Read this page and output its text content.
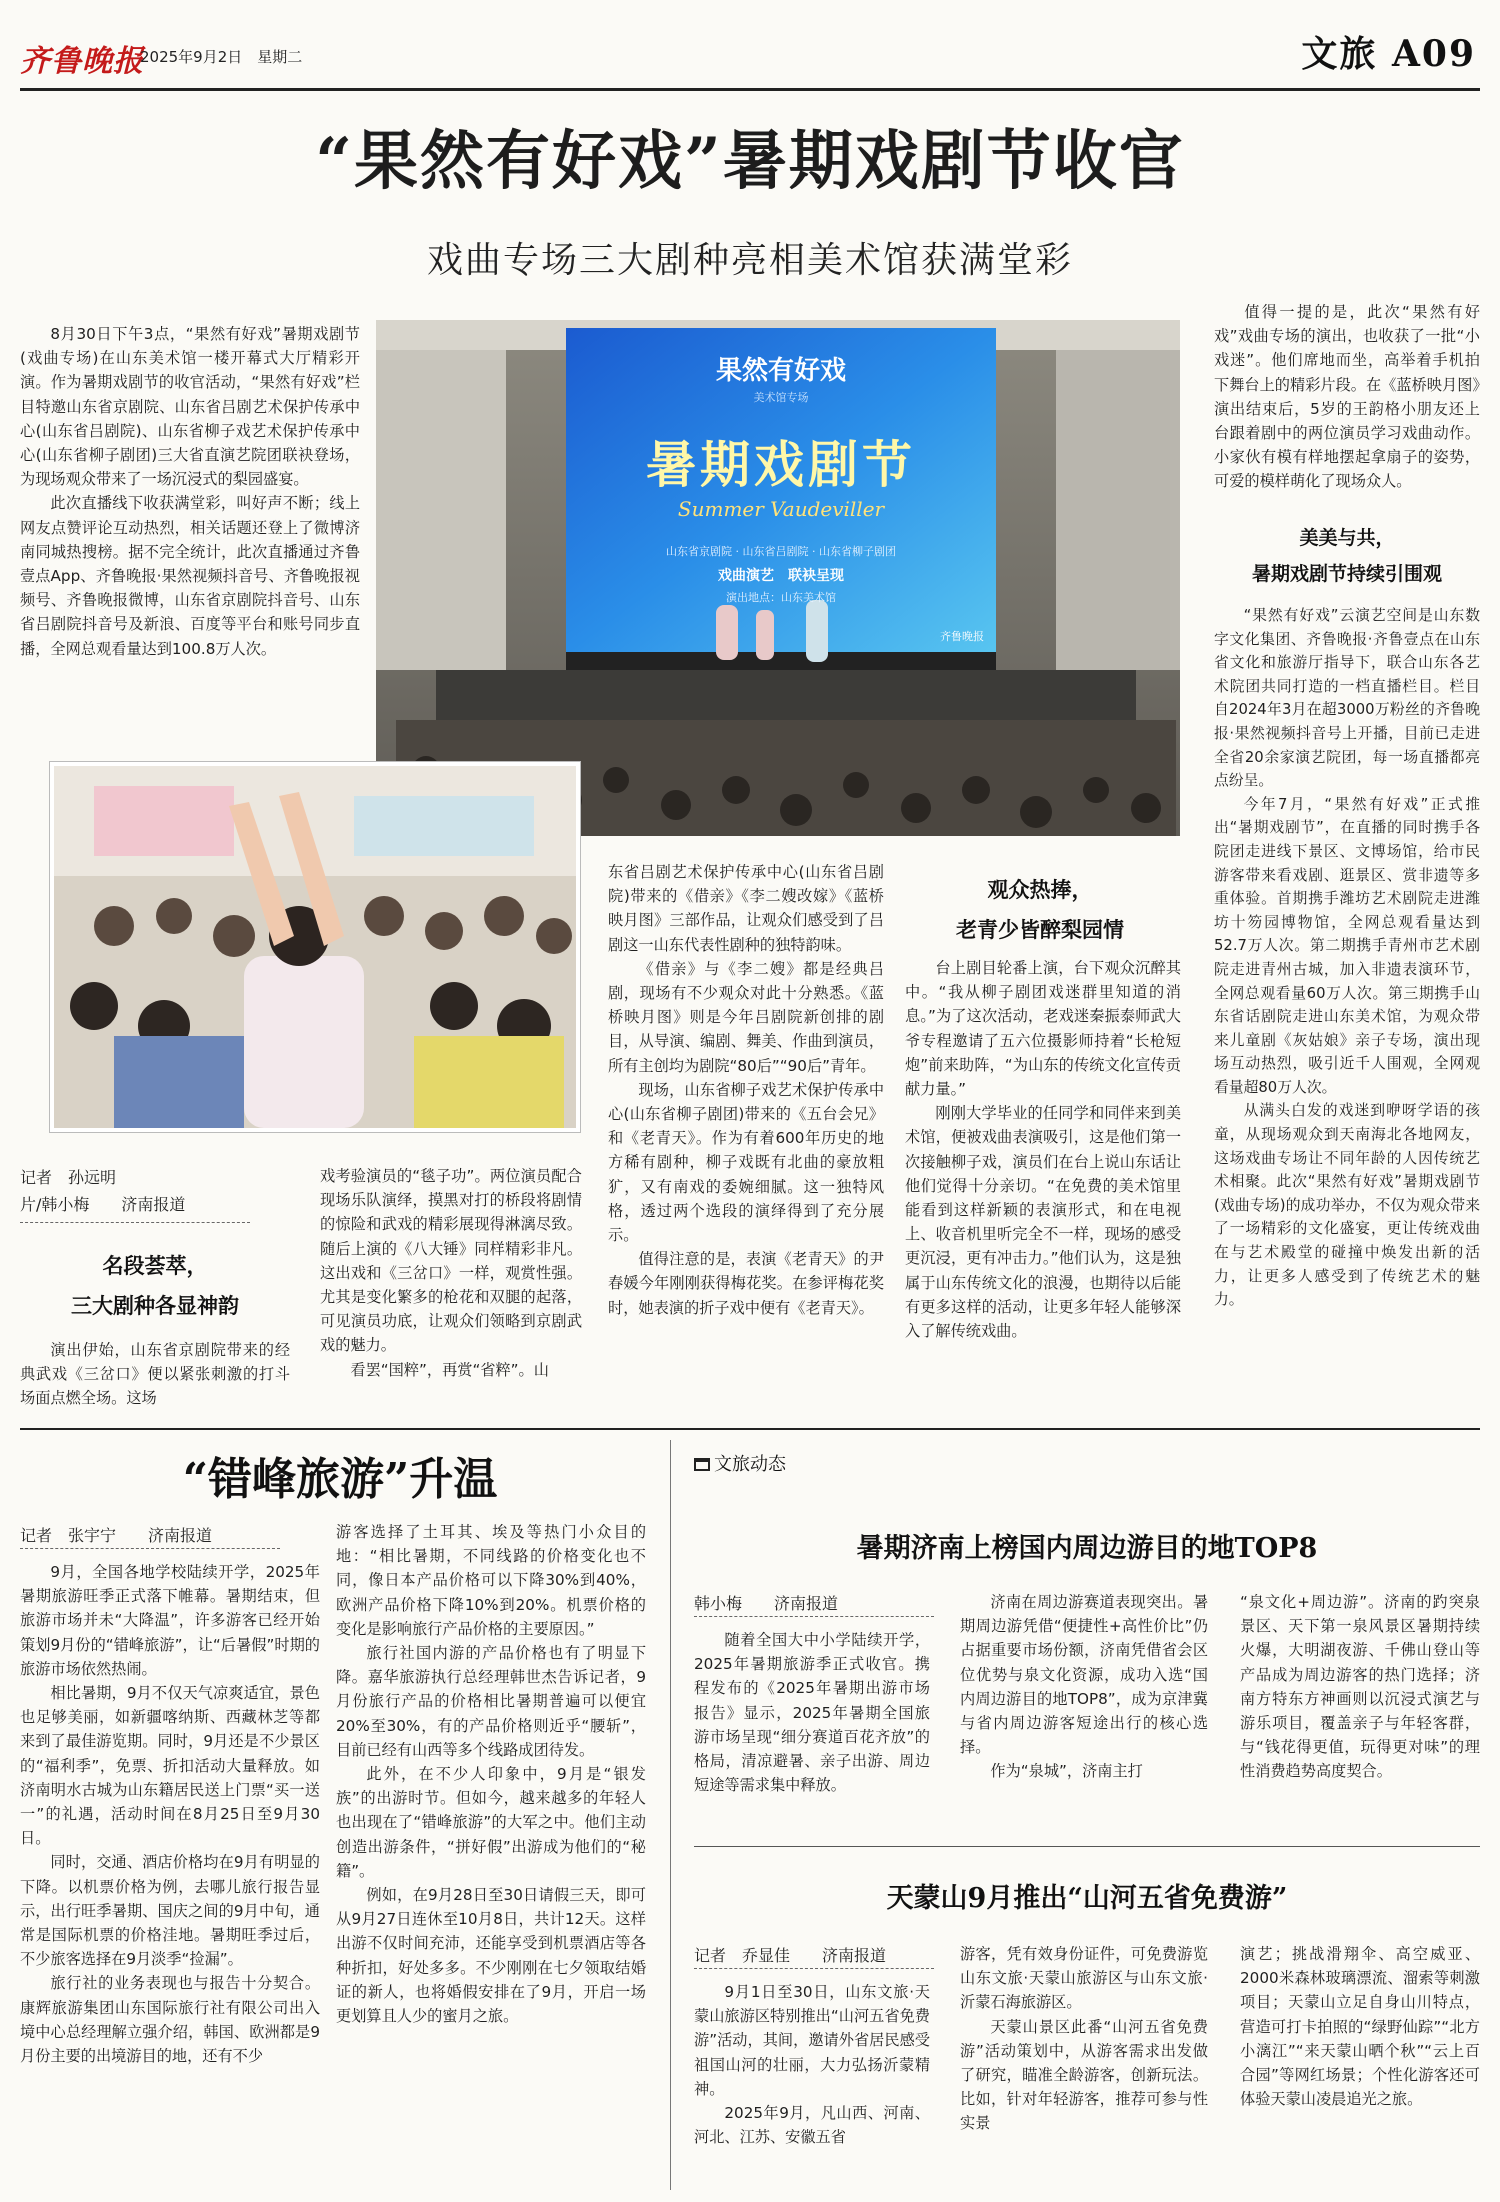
齐鲁晚报
2025年9月2日　星期二	文旅 A09
“果然有好戏”暑期戏剧节收官
戏曲专场三大剧种亮相美术馆获满堂彩

8月30日下午3点，“果然有好戏”暑期戏剧节(戏曲专场)在山东美术馆一楼开幕式大厅精彩开演。作为暑期戏剧节的收官活动，“果然有好戏”栏目特邀山东省京剧院、山东省吕剧艺术保护传承中心(山东省吕剧院)、山东省柳子戏艺术保护传承中心(山东省柳子剧团)三大省直演艺院团联袂登场，为现场观众带来了一场沉浸式的梨园盛宴。

此次直播线下收获满堂彩，叫好声不断；线上网友点赞评论互动热烈，相关话题还登上了微博济南同城热搜榜。据不完全统计，此次直播通过齐鲁壹点App、齐鲁晚报·果然视频抖音号、齐鲁晚报视频号、齐鲁晚报微博，山东省京剧院抖音号、山东省吕剧院抖音号及新浪、百度等平台和账号同步直播，全网总观看量达到100.8万人次。

果然有好戏
美术馆专场
暑期戏剧节
Summer Vaudeviller
山东省京剧院 · 山东省吕剧院 · 山东省柳子剧团
戏曲演艺　联袂呈现
演出地点：山东美术馆
齐鲁晚报
记者　孙远明
片/韩小梅　　济南报道
名段荟萃，
三大剧种各显神韵

演出伊始，山东省京剧院带来的经典武戏《三岔口》便以紧张刺激的打斗场面点燃全场。这场

戏考验演员的“毯子功”。两位演员配合现场乐队演绎，摸黑对打的桥段将剧情的惊险和武戏的精彩展现得淋漓尽致。随后上演的《八大锤》同样精彩非凡。这出戏和《三岔口》一样，观赏性强。尤其是变化繁多的枪花和双腿的起落，可见演员功底，让观众们领略到京剧武戏的魅力。

看罢“国粹”，再赏“省粹”。山

东省吕剧艺术保护传承中心(山东省吕剧院)带来的《借亲》《李二嫂改嫁》《蓝桥映月图》三部作品，让观众们感受到了吕剧这一山东代表性剧种的独特韵味。

《借亲》与《李二嫂》都是经典吕剧，现场有不少观众对此十分熟悉。《蓝桥映月图》则是今年吕剧院新创排的剧目，从导演、编剧、舞美、作曲到演员，所有主创均为剧院“80后”“90后”青年。

现场，山东省柳子戏艺术保护传承中心(山东省柳子剧团)带来的《五台会兄》和《老青天》。作为有着600年历史的地方稀有剧种，柳子戏既有北曲的豪放粗犷，又有南戏的委婉细腻。这一独特风格，透过两个选段的演绎得到了充分展示。

值得注意的是，表演《老青天》的尹春媛今年刚刚获得梅花奖。在参评梅花奖时，她表演的折子戏中便有《老青天》。

观众热捧，
老青少皆醉梨园情

台上剧目轮番上演，台下观众沉醉其中。“我从柳子剧团戏迷群里知道的消息。”为了这次活动，老戏迷秦振泰师武大爷专程邀请了五六位摄影师持着“长枪短炮”前来助阵，“为山东的传统文化宣传贡献力量。”

刚刚大学毕业的任同学和同伴来到美术馆，便被戏曲表演吸引，这是他们第一次接触柳子戏，演员们在台上说山东话让他们觉得十分亲切。“在免费的美术馆里能看到这样新颖的表演形式，和在电视上、收音机里听完全不一样，现场的感受更沉浸，更有冲击力。”他们认为，这是独属于山东传统文化的浪漫，也期待以后能有更多这样的活动，让更多年轻人能够深入了解传统戏曲。

值得一提的是，此次“果然有好戏”戏曲专场的演出，也收获了一批“小戏迷”。他们席地而坐，高举着手机拍下舞台上的精彩片段。在《蓝桥映月图》演出结束后，5岁的王韵格小朋友还上台跟着剧中的两位演员学习戏曲动作。小家伙有模有样地摆起拿扇子的姿势，可爱的模样萌化了现场众人。

美美与共，
暑期戏剧节持续引围观

“果然有好戏”云演艺空间是山东数字文化集团、齐鲁晚报·齐鲁壹点在山东省文化和旅游厅指导下，联合山东各艺术院团共同打造的一档直播栏目。栏目自2024年3月在超3000万粉丝的齐鲁晚报·果然视频抖音号上开播，目前已走进全省20余家演艺院团，每一场直播都亮点纷呈。

今年7月，“果然有好戏”正式推出“暑期戏剧节”，在直播的同时携手各院团走进线下景区、文博场馆，给市民游客带来看戏剧、逛景区、赏非遗等多重体验。首期携手潍坊艺术剧院走进潍坊十笏园博物馆，全网总观看量达到52.7万人次。第二期携手青州市艺术剧院走进青州古城，加入非遗表演环节，全网总观看量60万人次。第三期携手山东省话剧院走进山东美术馆，为观众带来儿童剧《灰姑娘》亲子专场，演出现场互动热烈，吸引近千人围观，全网观看量超80万人次。

从满头白发的戏迷到咿呀学语的孩童，从现场观众到天南海北各地网友，这场戏曲专场让不同年龄的人因传统艺术相聚。此次“果然有好戏”暑期戏剧节(戏曲专场)的成功举办，不仅为观众带来了一场精彩的文化盛宴，更让传统戏曲在与艺术殿堂的碰撞中焕发出新的活力，让更多人感受到了传统艺术的魅力。

“错峰旅游”升温
记者　张宇宁　　济南报道

9月，全国各地学校陆续开学，2025年暑期旅游旺季正式落下帷幕。暑期结束，但旅游市场并未“大降温”，许多游客已经开始策划9月份的“错峰旅游”，让“后暑假”时期的旅游市场依然热闹。

相比暑期，9月不仅天气凉爽适宜，景色也足够美丽，如新疆喀纳斯、西藏林芝等都来到了最佳游览期。同时，9月还是不少景区的“福利季”，免票、折扣活动大量释放。如济南明水古城为山东籍居民送上门票“买一送一”的礼遇，活动时间在8月25日至9月30日。

同时，交通、酒店价格均在9月有明显的下降。以机票价格为例，去哪儿旅行报告显示，出行旺季暑期、国庆之间的9月中旬，通常是国际机票的价格洼地。暑期旺季过后，不少旅客选择在9月淡季“捡漏”。

旅行社的业务表现也与报告十分契合。康辉旅游集团山东国际旅行社有限公司出入境中心总经理解立强介绍，韩国、欧洲都是9月份主要的出境游目的地，还有不少

游客选择了土耳其、埃及等热门小众目的地：“相比暑期，不同线路的价格变化也不同，像日本产品价格可以下降30%到40%，欧洲产品价格下降10%到20%。机票价格的变化是影响旅行产品价格的主要原因。”

旅行社国内游的产品价格也有了明显下降。嘉华旅游执行总经理韩世杰告诉记者，9月份旅行产品的价格相比暑期普遍可以便宜20%至30%，有的产品价格则近乎“腰斩”，目前已经有山西等多个线路成团待发。

此外，在不少人印象中，9月是“银发族”的出游时节。但如今，越来越多的年轻人也出现在了“错峰旅游”的大军之中。他们主动创造出游条件，“拼好假”出游成为他们的“秘籍”。

例如，在9月28日至30日请假三天，即可从9月27日连休至10月8日，共计12天。这样出游不仅时间充沛，还能享受到机票酒店等各种折扣，好处多多。不少刚刚在七夕领取结婚证的新人，也将婚假安排在了9月，开启一场更划算且人少的蜜月之旅。

文旅动态
暑期济南上榜国内周边游目的地TOP8
韩小梅　　济南报道

随着全国大中小学陆续开学，2025年暑期旅游季正式收官。携程发布的《2025年暑期出游市场报告》显示，2025年暑期全国旅游市场呈现“细分赛道百花齐放”的格局，清凉避暑、亲子出游、周边短途等需求集中释放。

济南在周边游赛道表现突出。暑期周边游凭借“便捷性+高性价比”仍占据重要市场份额，济南凭借省会区位优势与泉文化资源，成功入选“国内周边游目的地TOP8”，成为京津冀与省内周边游客短途出行的核心选择。

作为“泉城”，济南主打

“泉文化+周边游”。济南的趵突泉景区、天下第一泉风景区暑期持续火爆，大明湖夜游、千佛山登山等产品成为周边游客的热门选择；济南方特东方神画则以沉浸式演艺与游乐项目，覆盖亲子与年轻客群，与“钱花得更值，玩得更对味”的理性消费趋势高度契合。

天蒙山9月推出“山河五省免费游”
记者　乔显佳　　济南报道

9月1日至30日，山东文旅·天蒙山旅游区特别推出“山河五省免费游”活动，其间，邀请外省居民感受祖国山河的壮丽，大力弘扬沂蒙精神。

2025年9月，凡山西、河南、河北、江苏、安徽五省

游客，凭有效身份证件，可免费游览山东文旅·天蒙山旅游区与山东文旅·沂蒙石海旅游区。

天蒙山景区此番“山河五省免费游”活动策划中，从游客需求出发做了研究，瞄准全龄游客，创新玩法。比如，针对年轻游客，推荐可参与性实景

演艺；挑战滑翔伞、高空威亚、2000米森林玻璃漂流、溜索等刺激项目；天蒙山立足自身山川特点，营造可打卡拍照的“绿野仙踪”“北方小漓江”“来天蒙山晒个秋”“云上百合园”等网红场景；个性化游客还可体验天蒙山凌晨追光之旅。
